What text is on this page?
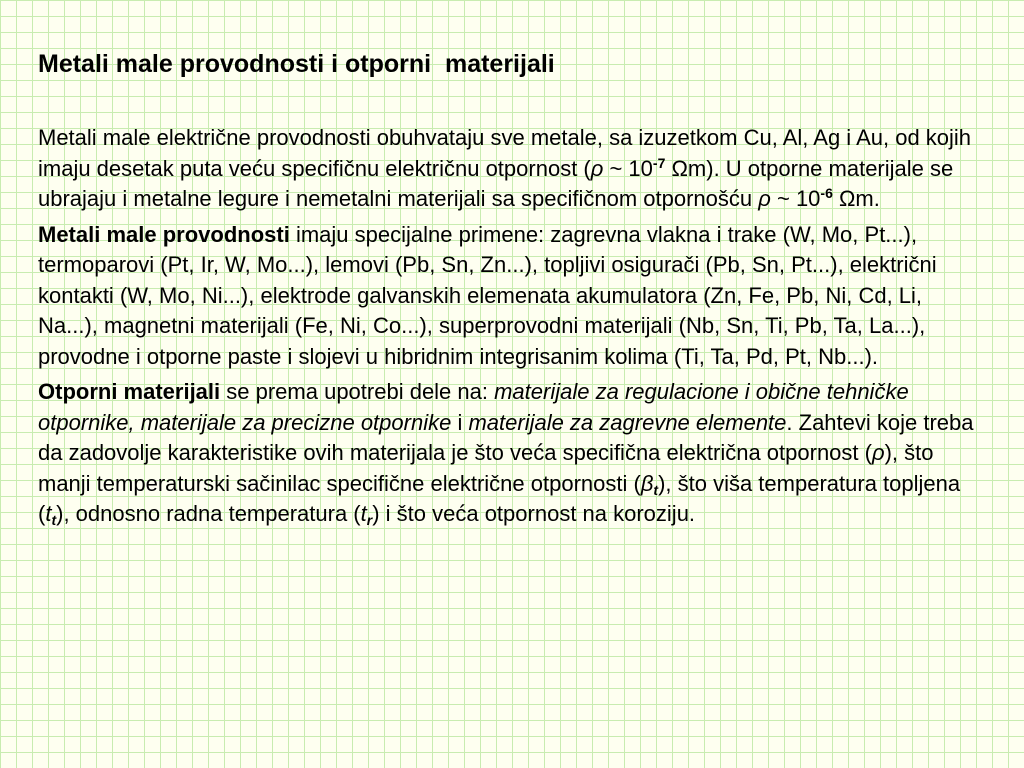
Metali male provodnosti i otporni  materijali

Metali male električne provodnosti obuhvataju sve metale, sa izuzetkom Cu, Al, Ag i Au, od kojih imaju desetak puta veću specifičnu električnu otpornost (ρ ~ $10^{-7}$ Ωm). U otporne materijale se ubrajaju i metalne legure i nemetalni materijali sa specifičnom otpornošću ρ ~ $10^{-6}$ Ωm.

Metali male provodnosti imaju specijalne primene: zagrevna vlakna i trake (W, Mo, Pt...), termoparovi (Pt, Ir, W, Mo...), lemovi (Pb, Sn, Zn...), topljivi osigurači (Pb, Sn, Pt...), električni kontakti (W, Mo, Ni...), elektrode galvanskih elemenata akumulatora (Zn, Fe, Pb, Ni, Cd, Li, Na...), magnetni materijali (Fe, Ni, Co...), superprovodni materijali (Nb, Sn, Ti, Pb, Ta, La...), provodne i otporne paste i slojevi u hibridnim integrisanim kolima (Ti, Ta, Pd, Pt, Nb...).

Otporni materijali se prema upotrebi dele na: materijale za regulacione i obične tehničke otpornike, materijale za precizne otpornike i materijale za zagrevne elemente. Zahtevi koje treba da zadovolje karakteristike ovih materijala je što veća specifična električna otpornost (ρ), što manji temperaturski sačinilac specifične električne otpornosti $(\beta_t)$, što viša temperatura topljena $(t_t)$, odnosno radna temperatura $(t_r)$ i što veća otpornost na koroziju.
